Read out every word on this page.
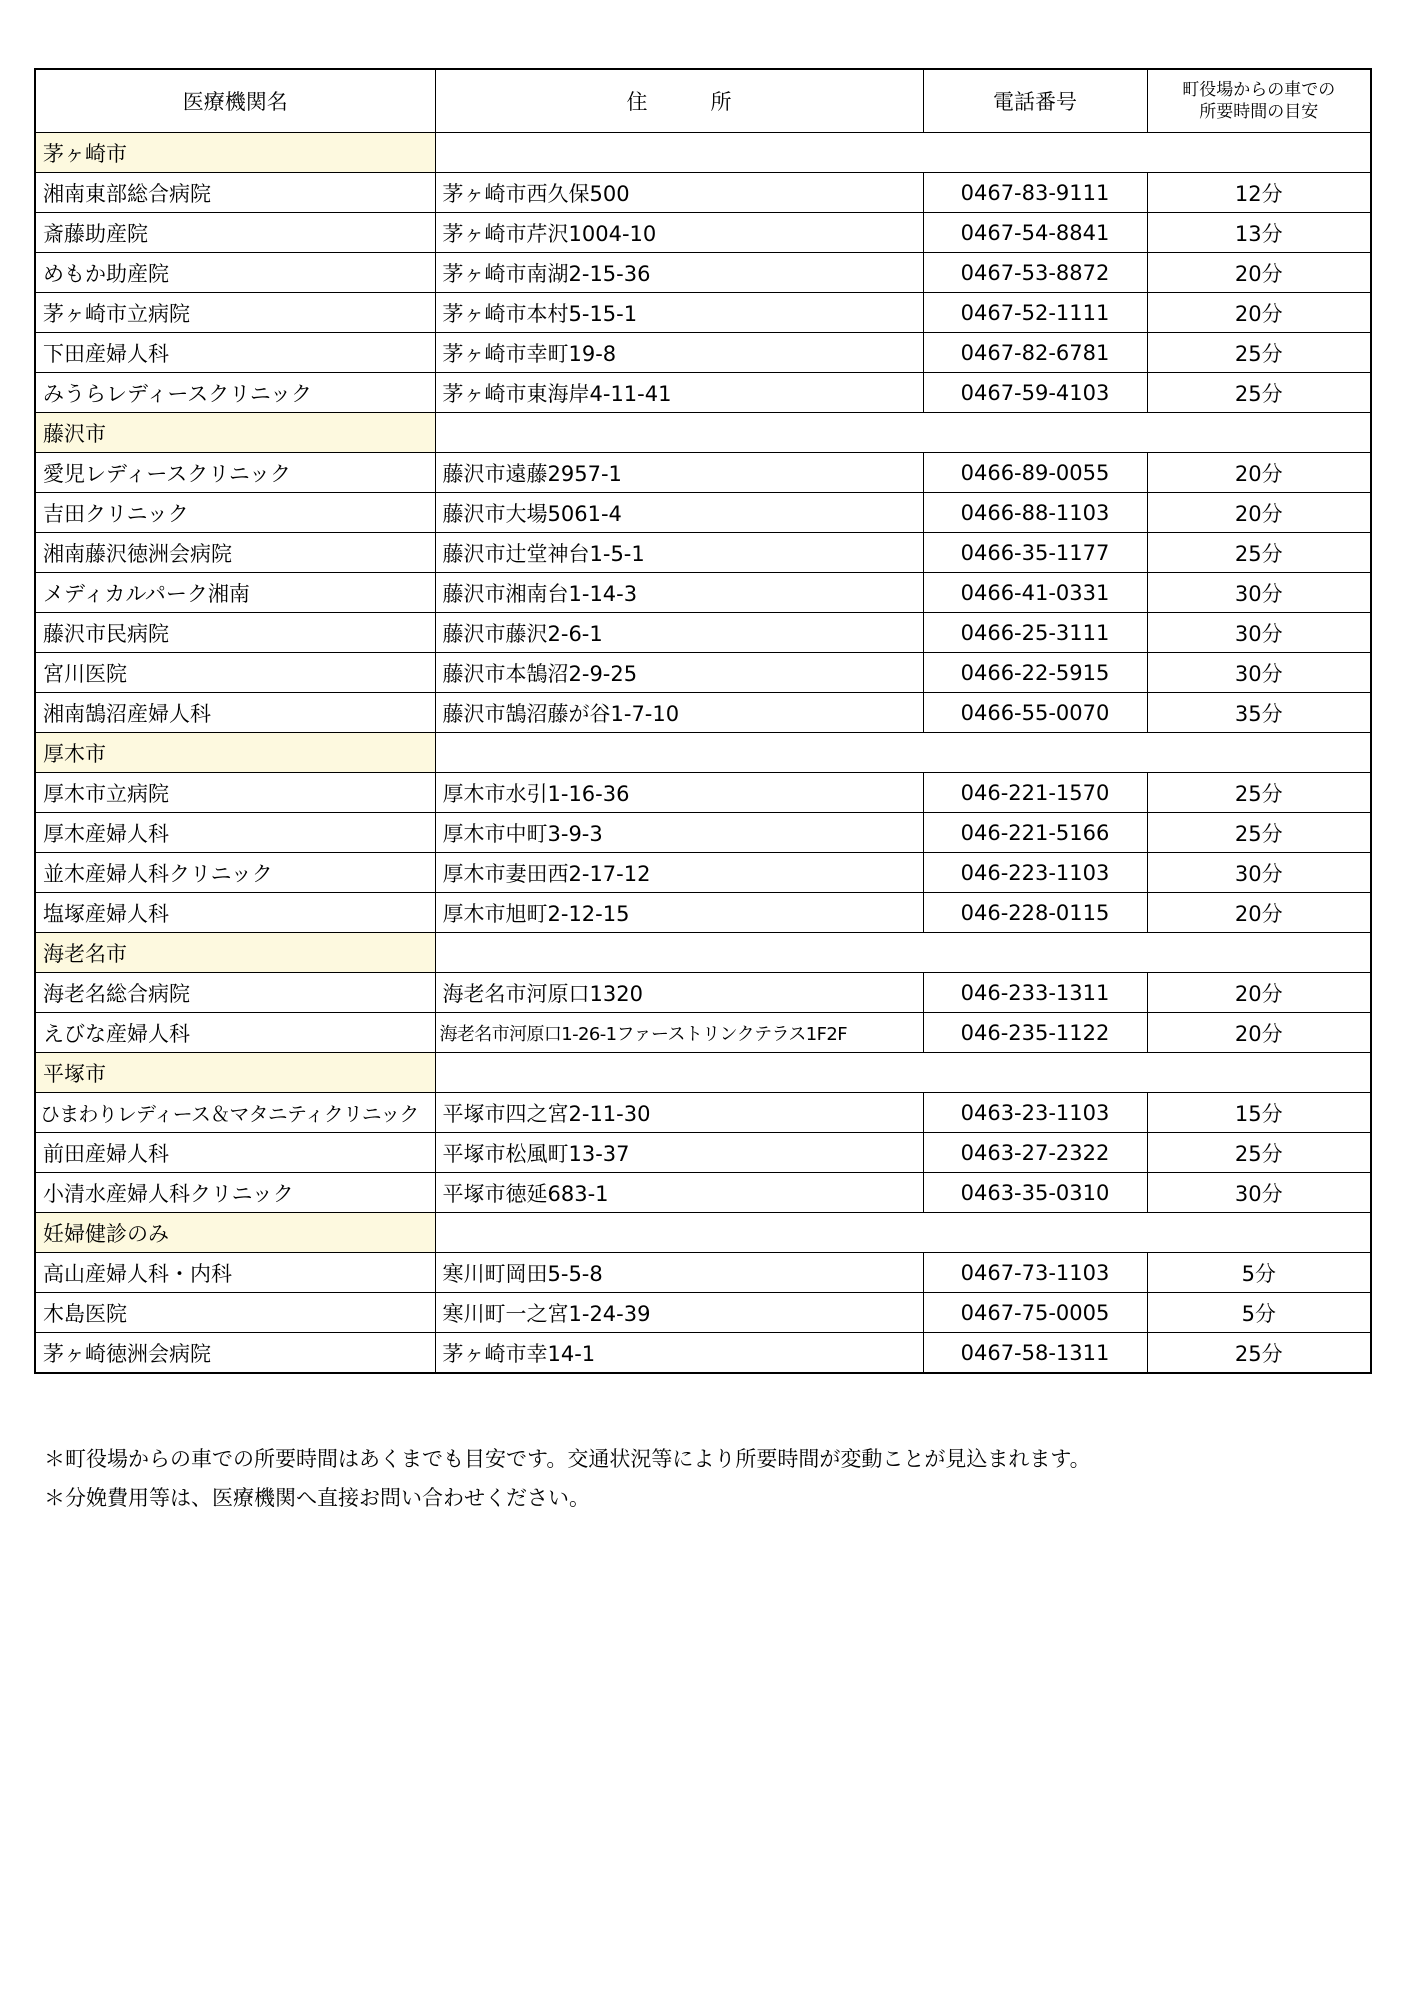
医療機関名	住　　　所	電話番号	町役場からの車での
所要時間の目安

茅ヶ崎市			
湘南東部総合病院	茅ヶ崎市西久保500	0467-83-9111	12分
斎藤助産院	茅ヶ崎市芹沢1004-10	0467-54-8841	13分
めもか助産院	茅ヶ崎市南湖2-15-36	0467-53-8872	20分
茅ヶ崎市立病院	茅ヶ崎市本村5-15-1	0467-52-1111	20分
下田産婦人科	茅ヶ崎市幸町19-8	0467-82-6781	25分
みうらレディースクリニック	茅ヶ崎市東海岸4-11-41	0467-59-4103	25分
藤沢市			
愛児レディースクリニック	藤沢市遠藤2957-1	0466-89-0055	20分
吉田クリニック	藤沢市大場5061-4	0466-88-1103	20分
湘南藤沢徳洲会病院	藤沢市辻堂神台1-5-1	0466-35-1177	25分
メディカルパーク湘南	藤沢市湘南台1-14-3	0466-41-0331	30分
藤沢市民病院	藤沢市藤沢2-6-1	0466-25-3111	30分
宮川医院	藤沢市本鵠沼2-9-25	0466-22-5915	30分
湘南鵠沼産婦人科	藤沢市鵠沼藤が谷1-7-10	0466-55-0070	35分
厚木市			
厚木市立病院	厚木市水引1-16-36	046-221-1570	25分
厚木産婦人科	厚木市中町3-9-3	046-221-5166	25分
並木産婦人科クリニック	厚木市妻田西2-17-12	046-223-1103	30分
塩塚産婦人科	厚木市旭町2-12-15	046-228-0115	20分
海老名市			
海老名総合病院	海老名市河原口1320	046-233-1311	20分
えびな産婦人科	海老名市河原口1-26-1ファーストリンクテラス1F2F	046-235-1122	20分
平塚市			
ひまわりレディース＆マタニティクリニック	平塚市四之宮2-11-30	0463-23-1103	15分
前田産婦人科	平塚市松風町13-37	0463-27-2322	25分
小清水産婦人科クリニック	平塚市徳延683-1	0463-35-0310	30分
妊婦健診のみ			
高山産婦人科・内科	寒川町岡田5-5-8	0467-73-1103	5分
木島医院	寒川町一之宮1-24-39	0467-75-0005	5分
茅ヶ崎徳洲会病院	茅ヶ崎市幸14-1	0467-58-1311	25分
＊町役場からの車での所要時間はあくまでも目安です。交通状況等により所要時間が変動ことが見込まれます。
＊分娩費用等は、医療機関へ直接お問い合わせください。
